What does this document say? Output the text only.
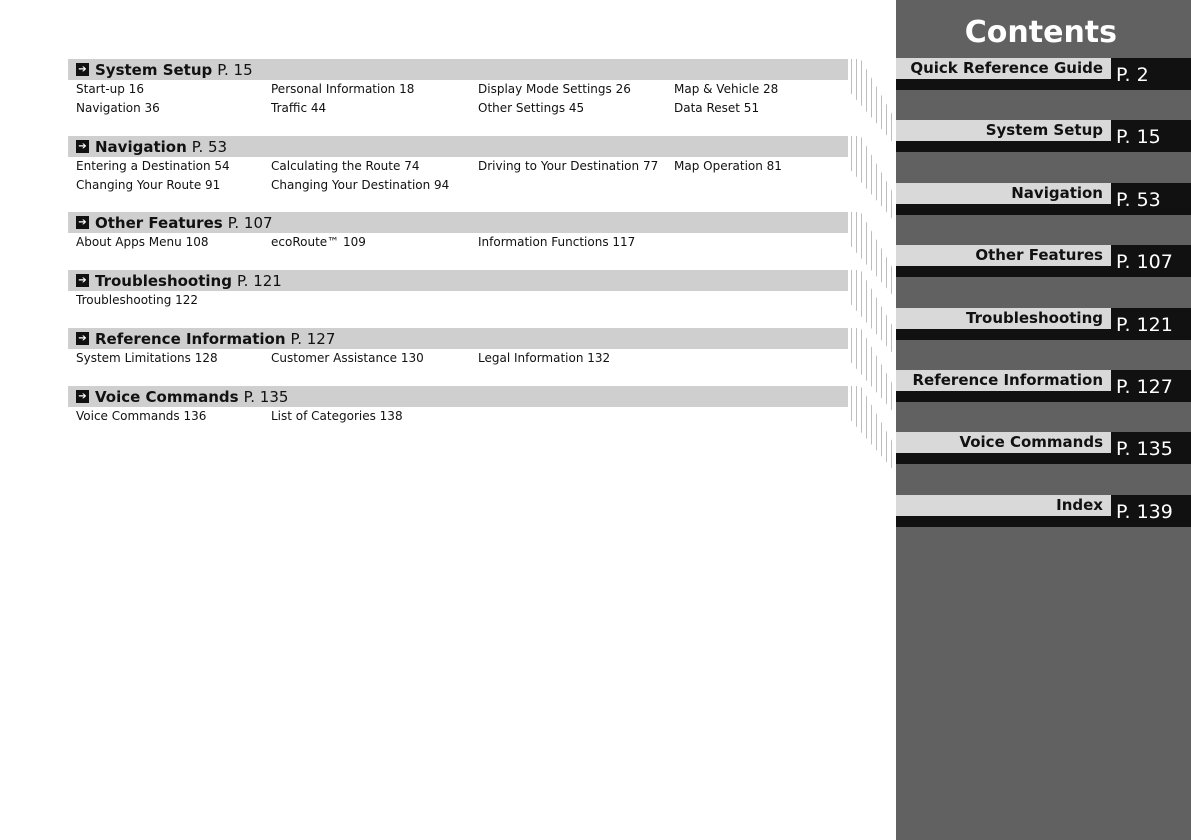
➔ System Setup P. 15
Start-up 16	Personal Information 18	Display Mode Settings 26	Map & Vehicle 28
Navigation 36	Traffic 44	Other Settings 45	Data Reset 51
➔ Navigation P. 53
Entering a Destination 54	Calculating the Route 74	Driving to Your Destination 77 Map Operation 81
Changing Your Route 91	Changing Your Destination 94
➔ Other Features P. 107
About Apps Menu 108	ecoRoute™ 109	Information Functions 117
➔ Troubleshooting P. 121
Troubleshooting 122
➔ Reference Information P. 127
System Limitations 128	Customer Assistance 130	Legal Information 132
➔ Voice Commands P. 135
Voice Commands 136	List of Categories 138
Contents
Quick Reference Guide P. 2
System Setup P. 15
Navigation P. 53
Other Features P. 107
Troubleshooting P. 121
Reference Information P. 127
Voice Commands P. 135
Index P. 139
